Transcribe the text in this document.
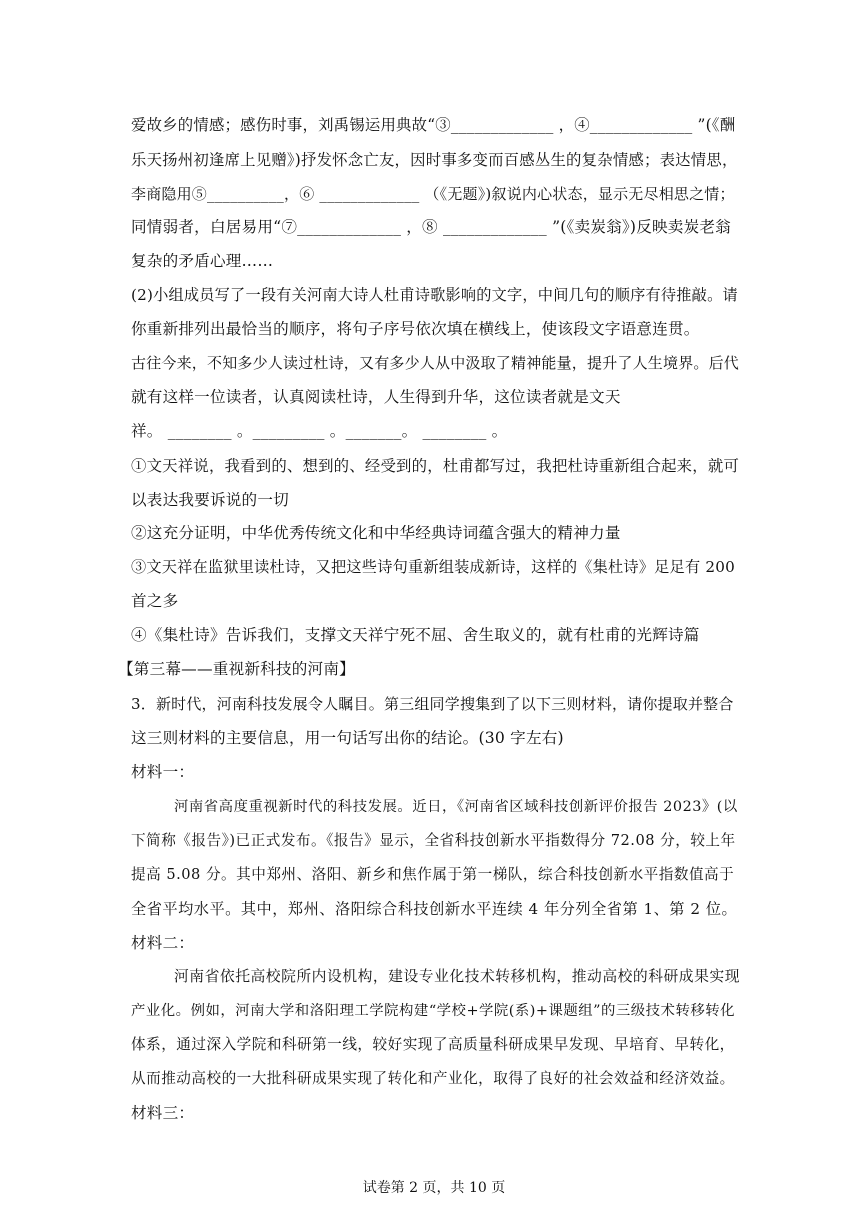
爱故乡的情感；感伤时事，刘禹锡运用典故“③_____________ ，④_____________ ”(《酬
乐天扬州初逢席上见赠》)抒发怀念亡友，因时事多变而百感丛生的复杂情感；表达情思，
李商隐用⑤__________，⑥ _____________ （《无题》)叙说内心状态，显示无尽相思之情；
同情弱者，白居易用“⑦_____________ ，⑧ _____________ ”(《卖炭翁》)反映卖炭老翁
复杂的矛盾心理……
(2)小组成员写了一段有关河南大诗人杜甫诗歌影响的文字，中间几句的顺序有待推敲。请
你重新排列出最恰当的顺序，将句子序号依次填在横线上，使该段文字语意连贯。
古往今来，不知多少人读过杜诗，又有多少人从中汲取了精神能量，提升了人生境界。后代
就有这样一位读者，认真阅读杜诗，人生得到升华，这位读者就是文天
祥。 ________ 。_________ 。_______。 ________ 。
①文天祥说，我看到的、想到的、经受到的，杜甫都写过，我把杜诗重新组合起来，就可
以表达我要诉说的一切
②这充分证明，中华优秀传统文化和中华经典诗词蕴含强大的精神力量
③文天祥在监狱里读杜诗，又把这些诗句重新组装成新诗，这样的《集杜诗》足足有 200
首之多
④《集杜诗》告诉我们，支撑文天祥宁死不屈、舍生取义的，就有杜甫的光辉诗篇
【第三幕——重视新科技的河南】
3．新时代，河南科技发展令人瞩目。第三组同学搜集到了以下三则材料，请你提取并整合
这三则材料的主要信息，用一句话写出你的结论。(30 字左右)
材料一：
河南省高度重视新时代的科技发展。近日，《河南省区域科技创新评价报告 2023》(以
下简称《报告》)已正式发布。《报告》显示，全省科技创新水平指数得分 72.08 分，较上年
提高 5.08 分。其中郑州、洛阳、新乡和焦作属于第一梯队，综合科技创新水平指数值高于
全省平均水平。其中，郑州、洛阳综合科技创新水平连续 4 年分列全省第 1、第 2 位。
材料二：
河南省依托高校院所内设机构，建设专业化技术转移机构，推动高校的科研成果实现
产业化。例如，河南大学和洛阳理工学院构建“学校+学院(系)+课题组”的三级技术转移转化
体系，通过深入学院和科研第一线，较好实现了高质量科研成果早发现、早培育、早转化，
从而推动高校的一大批科研成果实现了转化和产业化，取得了良好的社会效益和经济效益。
材料三：
试卷第 2 页，共 10 页
